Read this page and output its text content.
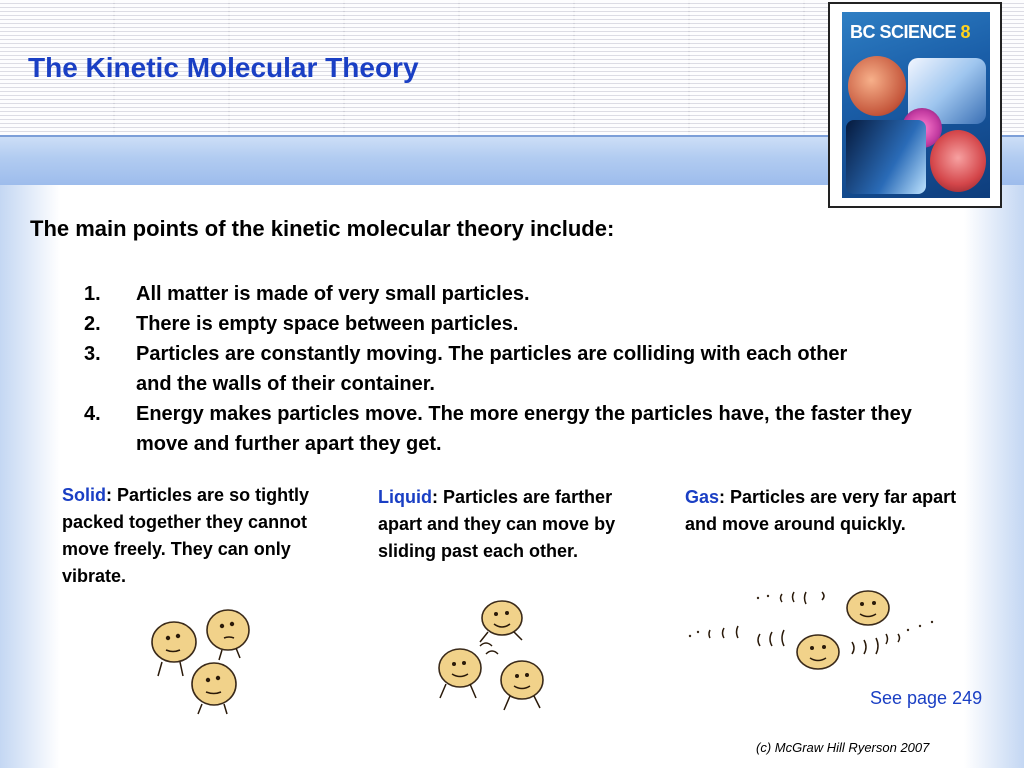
The Kinetic Molecular Theory
BC SCIENCE 8

The main points of the kinetic molecular theory include:

1. All matter is made of very small particles.
2. There is empty space between particles.
3. Particles are constantly moving. The particles are colliding with each other and the walls of their container.
4. Energy makes particles move. The more energy the particles have, the faster they move and further apart they get.
Solid: Particles are so tightly packed together they cannot move freely. They can only vibrate.
Liquid: Particles are farther apart and they can move by sliding past each other.
Gas: Particles are very far apart and move around quickly.
See page 249
(c) McGraw Hill Ryerson 2007
